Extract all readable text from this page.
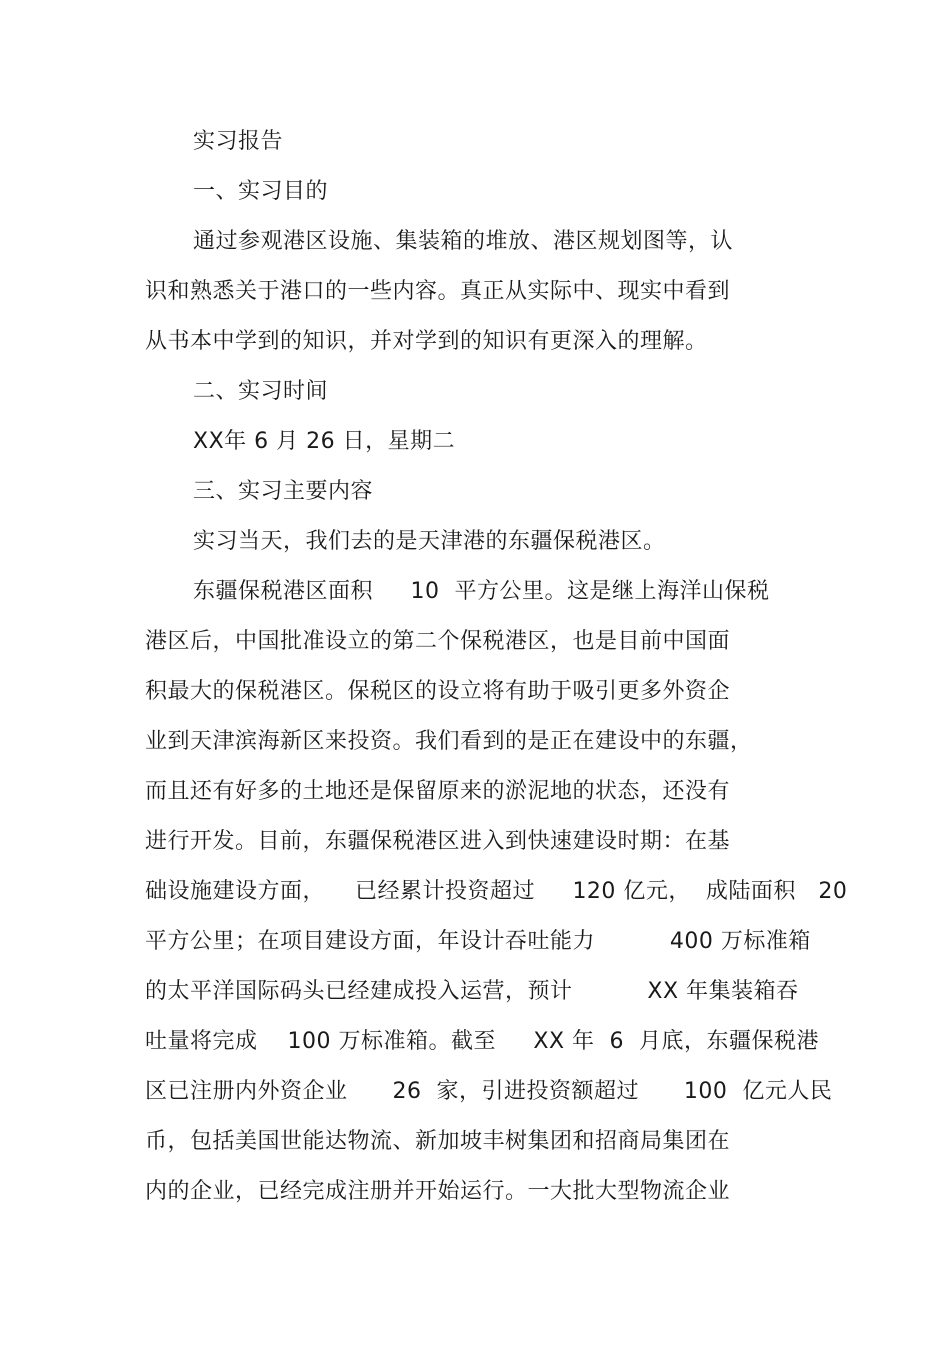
实习报告
一、实习目的
通过参观港区设施、集装箱的堆放、港区规划图等，认
识和熟悉关于港口的一些内容。真正从实际中、现实中看到
从书本中学到的知识，并对学到的知识有更深入的理解。
二、实习时间
XX年 6 月 26 日，星期二
三、实习主要内容
实习当天，我们去的是天津港的东疆保税港区。
东疆保税港区面积     10  平方公里。这是继上海洋山保税
港区后，中国批准设立的第二个保税港区，也是目前中国面
积最大的保税港区。保税区的设立将有助于吸引更多外资企
业到天津滨海新区来投资。我们看到的是正在建设中的东疆，
而且还有好多的土地还是保留原来的淤泥地的状态，还没有
进行开发。目前，东疆保税港区进入到快速建设时期：在基
础设施建设方面，    已经累计投资超过     120 亿元，  成陆面积   20
平方公里；在项目建设方面，年设计吞吐能力          400 万标准箱
的太平洋国际码头已经建成投入运营，预计          XX 年集装箱吞
吐量将完成    100 万标准箱。截至     XX 年  6  月底，东疆保税港
区已注册内外资企业      26  家，引进投资额超过      100  亿元人民
币，包括美国世能达物流、新加坡丰树集团和招商局集团在
内的企业，已经完成注册并开始运行。一大批大型物流企业
